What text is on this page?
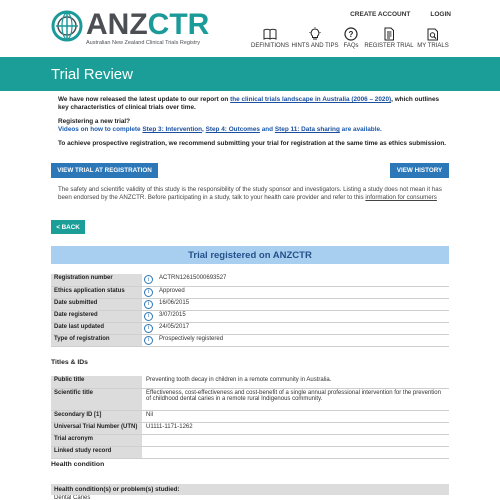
ANZCTR
Australian New Zealand Clinical Trials Registry
CREATE ACCOUNT	LOGIN
DEFINITIONS HINTS AND TIPS
?
FAQs REGISTER TRIAL MY TRIALS
Trial Review

We have now released the latest update to our report on the clinical trials landscape in Australia (2006 – 2020), which outlines key characteristics of clinical trials over time.

Registering a new trial?
Videos on how to complete Step 3: Intervention, Step 4: Outcomes and Step 11: Data sharing are available.

To achieve prospective registration, we recommend submitting your trial for registration at the same time as ethics submission.

VIEW TRIAL AT REGISTRATION	VIEW HISTORY
The safety and scientific validity of this study is the responsibility of the study sponsor and investigators. Listing a study does not mean it has been endorsed by the ANZCTR. Before participating in a study, talk to your health care provider and refer to this information for consumers
< BACK
Trial registered on ANZCTR
Registration number	i	ACTRN12615000693527
Ethics application status	i	Approved
Date submitted	i	16/06/2015
Date registered	i	3/07/2015
Date last updated	i	24/05/2017
Type of registration	i	Prospectively registered
Titles & IDs
Public title	Preventing tooth decay in children in a remote community in Australia.
Scientific title	Effectiveness, cost-effectiveness and cost-benefit of a single annual professional intervention for the prevention of childhood dental caries in a remote rural Indigenous community.
Secondary ID [1]	Nil
Universal Trial Number (UTN)	U1111-1171-1262
Trial acronym	
Linked study record	
Health condition
Health condition(s) or problem(s) studied:
Dental Caries
